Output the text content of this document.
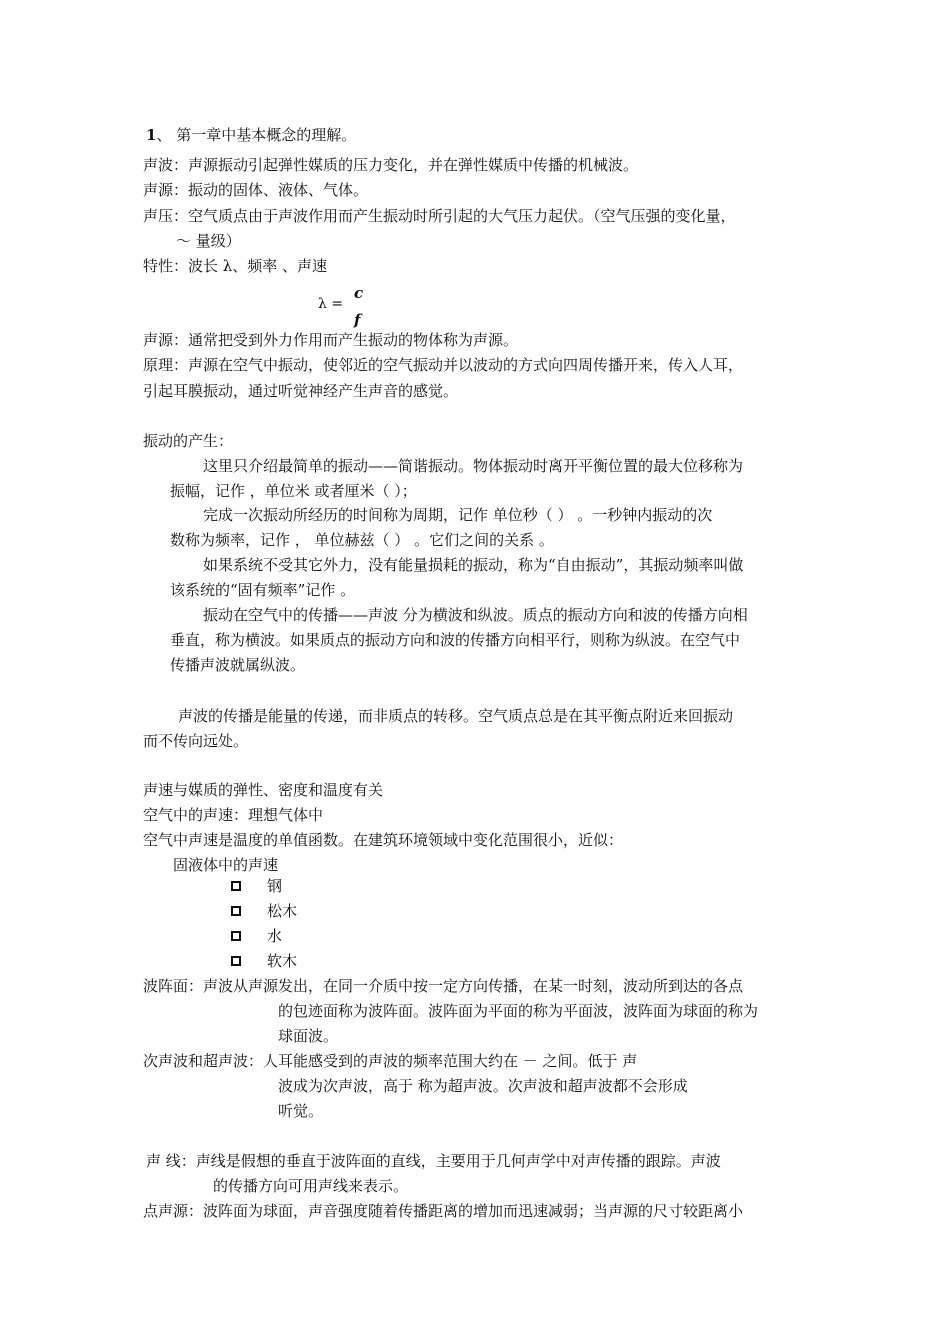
1、 第一章中基本概念的理解。
声波：声源振动引起弹性媒质的压力变化，并在弹性媒质中传播的机械波。
声源：振动的固体、液体、气体。
声压：空气质点由于声波作用而产生振动时所引起的大气压力起伏。（空气压强的变化量，
～ 量级）
特性：波长 λ、频率 、声速
λ =
c
f
声源：通常把受到外力作用而产生振动的物体称为声源。
原理：声源在空气中振动，使邻近的空气振动并以波动的方式向四周传播开来，传入人耳，
引起耳膜振动，通过听觉神经产生声音的感觉。
振动的产生：
这里只介绍最简单的振动——简谐振动。物体振动时离开平衡位置的最大位移称为
振幅，记作 ，单位米 或者厘米（ ）；
完成一次振动所经历的时间称为周期，记作 单位秒（ ） 。一秒钟内振动的次
数称为频率，记作 ， 单位赫兹（ ） 。它们之间的关系 。
如果系统不受其它外力，没有能量损耗的振动，称为“自由振动”，其振动频率叫做
该系统的“固有频率”记作 。
振动在空气中的传播——声波 分为横波和纵波。质点的振动方向和波的传播方向相
垂直，称为横波。如果质点的振动方向和波的传播方向相平行，则称为纵波。在空气中
传播声波就属纵波。
声波的传播是能量的传递，而非质点的转移。空气质点总是在其平衡点附近来回振动
而不传向远处。
声速与媒质的弹性、密度和温度有关
空气中的声速：理想气体中
空气中声速是温度的单值函数。在建筑环境领域中变化范围很小，近似：
固液体中的声速
钢
松木
水
软木
波阵面：声波从声源发出，在同一介质中按一定方向传播，在某一时刻，波动所到达的各点
的包迹面称为波阵面。波阵面为平面的称为平面波，波阵面为球面的称为
球面波。
次声波和超声波：人耳能感受到的声波的频率范围大约在 － 之间。低于 声
波成为次声波，高于 称为超声波。次声波和超声波都不会形成
听觉。
声 线：声线是假想的垂直于波阵面的直线，主要用于几何声学中对声传播的跟踪。声波
的传播方向可用声线来表示。
点声源：波阵面为球面，声音强度随着传播距离的增加而迅速减弱；当声源的尺寸较距离小
